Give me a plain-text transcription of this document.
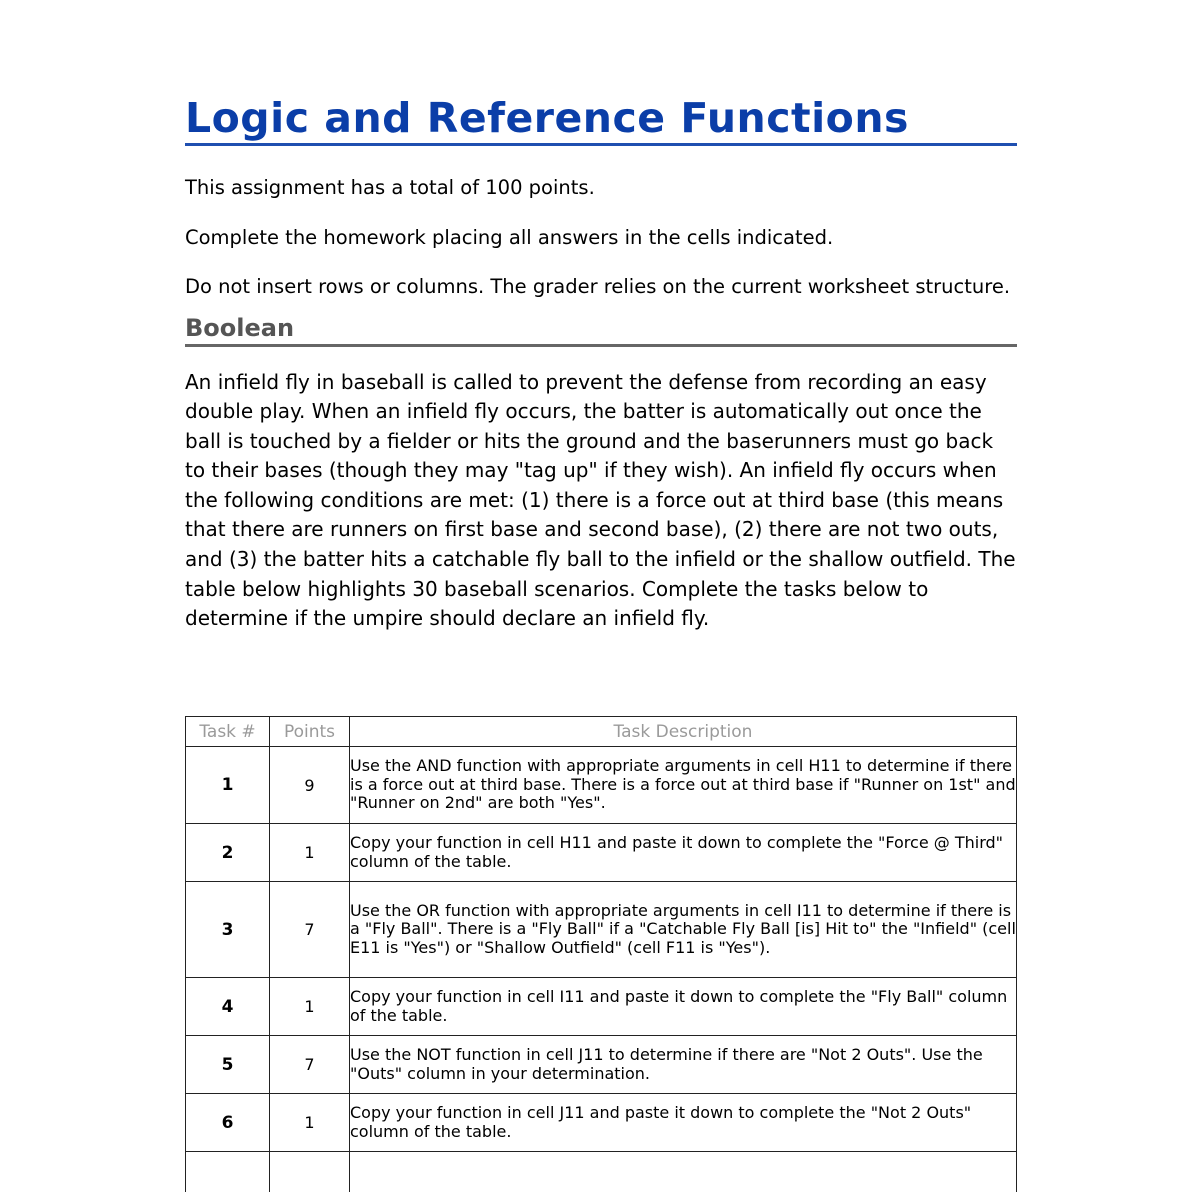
Logic and Reference Functions

This assignment has a total of 100 points.

Complete the homework placing all answers in the cells indicated.

Do not insert rows or columns. The grader relies on the current worksheet structure.

Boolean

An infield fly in baseball is called to prevent the defense from recording an easy double play. When an infield fly occurs, the batter is automatically out once the ball is touched by a fielder or hits the ground and the baserunners must go back to their bases (though they may "tag up" if they wish). An infield fly occurs when the following conditions are met: (1) there is a force out at third base (this means that there are runners on first base and second base), (2) there are not two outs, and (3) the batter hits a catchable fly ball to the infield or the shallow outfield. The table below highlights 30 baseball scenarios. Complete the tasks below to determine if the umpire should declare an infield fly.

Task #	Points	Task Description
1	9	Use the AND function with appropriate arguments in cell H11 to determine if there is a force out at third base. There is a force out at third base if "Runner on 1st" and "Runner on 2nd" are both "Yes".
2	1	Copy your function in cell H11 and paste it down to complete the "Force @ Third" column of the table.
3	7	Use the OR function with appropriate arguments in cell I11 to determine if there is a "Fly Ball". There is a "Fly Ball" if a "Catchable Fly Ball [is] Hit to" the "Infield" (cell E11 is "Yes") or "Shallow Outfield" (cell F11 is "Yes").
4	1	Copy your function in cell I11 and paste it down to complete the "Fly Ball" column of the table.
5	7	Use the NOT function in cell J11 to determine if there are "Not 2 Outs". Use the "Outs" column in your determination.
6	1	Copy your function in cell J11 and paste it down to complete the "Not 2 Outs" column of the table.
